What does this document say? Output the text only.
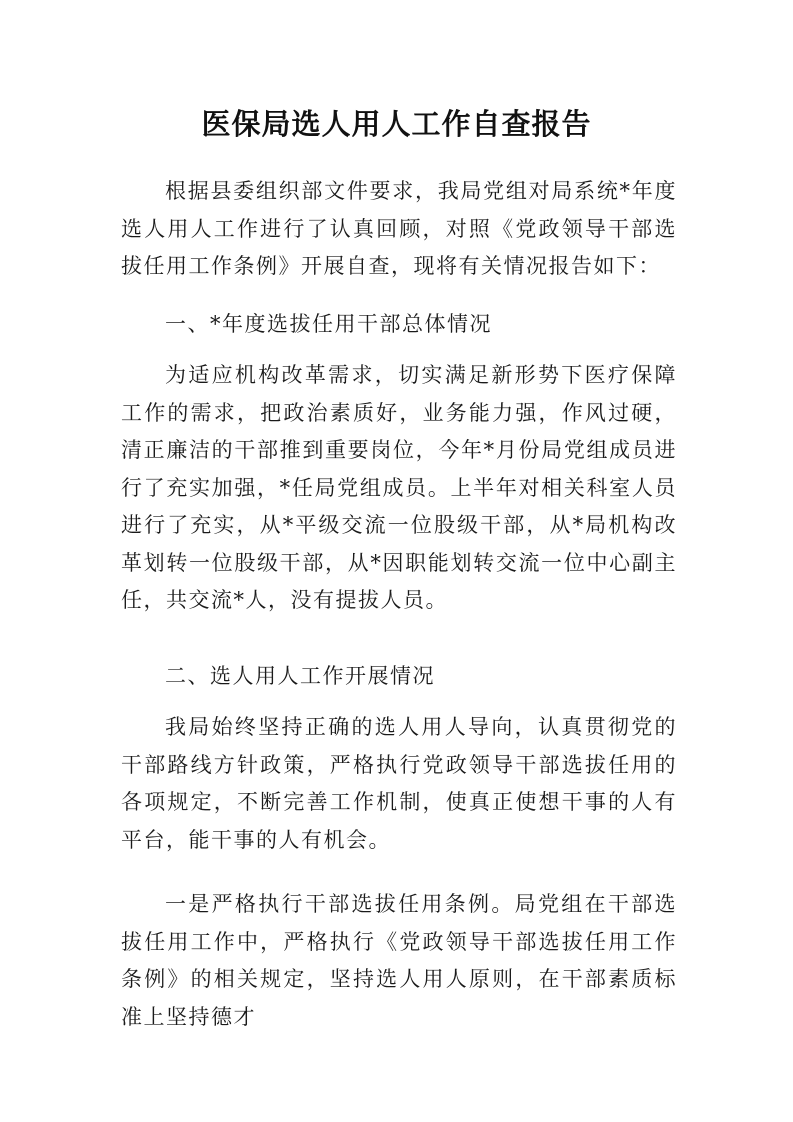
医保局选人用人工作自查报告

根据县委组织部文件要求，我局党组对局系统*年度选人用人工作进行了认真回顾，对照《党政领导干部选拔任用工作条例》开展自查，现将有关情况报告如下：

一、*年度选拔任用干部总体情况

为适应机构改革需求，切实满足新形势下医疗保障工作的需求，把政治素质好，业务能力强，作风过硬，清正廉洁的干部推到重要岗位，今年*月份局党组成员进行了充实加强，*任局党组成员。上半年对相关科室人员进行了充实，从*平级交流一位股级干部，从*局机构改革划转一位股级干部，从*因职能划转交流一位中心副主任，共交流*人，没有提拔人员。

二、选人用人工作开展情况

我局始终坚持正确的选人用人导向，认真贯彻党的干部路线方针政策，严格执行党政领导干部选拔任用的各项规定，不断完善工作机制，使真正使想干事的人有平台，能干事的人有机会。

一是严格执行干部选拔任用条例。局党组在干部选拔任用工作中，严格执行《党政领导干部选拔任用工作条例》的相关规定，坚持选人用人原则，在干部素质标准上坚持德才
